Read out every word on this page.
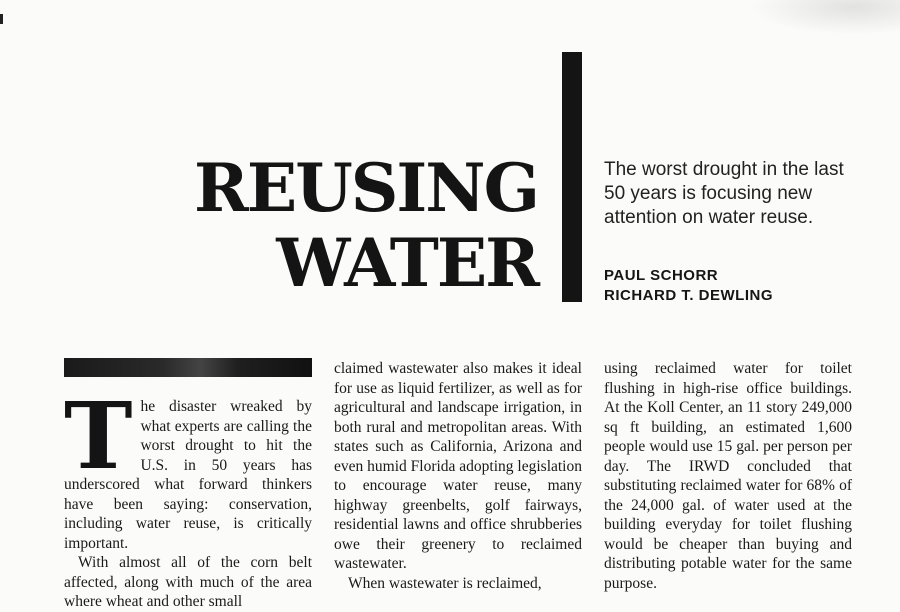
REUSING
WATER
The worst drought in the last 50 years is focusing new attention on water reuse.
PAUL SCHORR
RICHARD T. DEWLING
T he disaster wreaked by what experts are calling the worst drought to hit the U.S. in 50 years has underscored what forward thinkers have been saying: conservation, including water reuse, is critically important.

With almost all of the corn belt affected, along with much of the area where wheat and other small

claimed wastewater also makes it ideal for use as liquid fertilizer, as well as for agricultural and landscape irrigation, in both rural and metropolitan areas. With states such as California, Arizona and even humid Florida adopting legislation to encourage water reuse, many highway greenbelts, golf fairways, residential lawns and office shrubberies owe their greenery to reclaimed wastewater.

When wastewater is reclaimed,

using reclaimed water for toilet flushing in high-rise office buildings. At the Koll Center, an 11 story 249,000 sq ft building, an estimated 1,600 people would use 15 gal. per person per day. The IRWD concluded that substituting reclaimed water for 68% of the 24,000 gal. of water used at the building everyday for toilet flushing would be cheaper than buying and distributing potable water for the same purpose.
